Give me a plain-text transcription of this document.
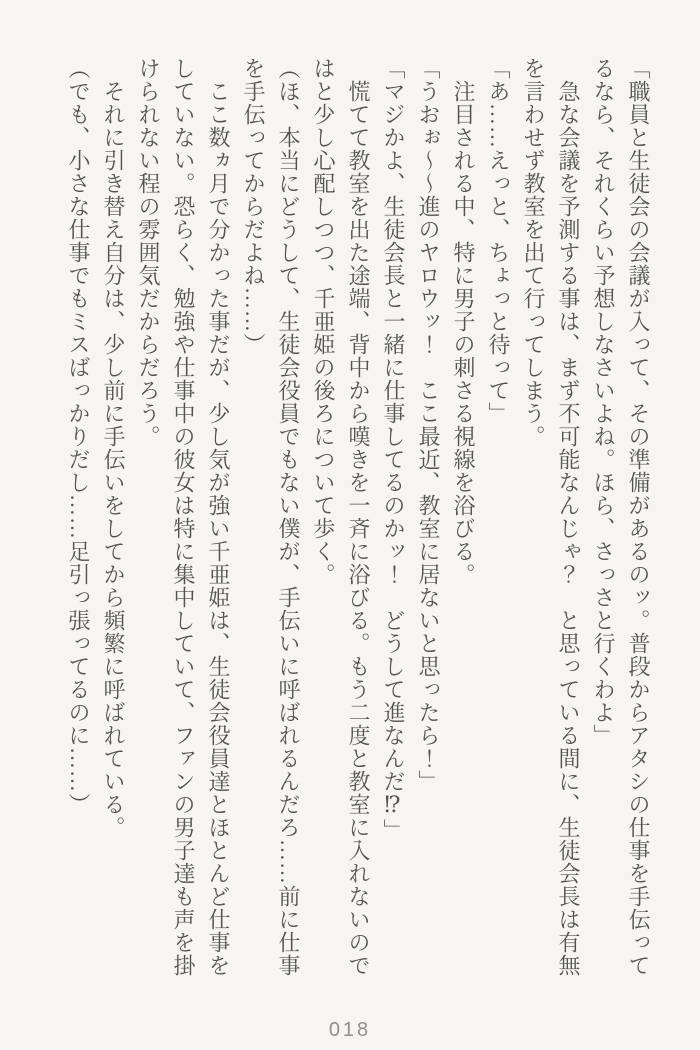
「職員と生徒会の会議が入って、その準備があるのッ。普段からアタシの仕事を手伝ってるなら、それくらい予想しなさいよね。ほら、さっさと行くわよ」

　急な会議を予測する事は、まず不可能なんじゃ？　と思っている間に、生徒会長は有無を言わせず教室を出て行ってしまう。

「あ……えっと、ちょっと待って」

　注目される中、特に男子の刺さる視線を浴びる。

「うおぉ～～進のヤロウッ！　ここ最近、教室に居ないと思ったら！」

「マジかよ、生徒会長と一緒に仕事してるのかッ！　どうして進なんだ⁉」

　慌てて教室を出た途端、背中から嘆きを一斉に浴びる。もう二度と教室に入れないのではと少し心配しつつ、千亜姫の後ろについて歩く。

（ほ、本当にどうして、生徒会役員でもない僕が、手伝いに呼ばれるんだろ……前に仕事を手伝ってからだよね……）

　ここ数ヵ月で分かった事だが、少し気が強い千亜姫は、生徒会役員達とほとんど仕事をしていない。恐らく、勉強や仕事中の彼女は特に集中していて、ファンの男子達も声を掛けられない程の雰囲気だからだろう。

　それに引き替え自分は、少し前に手伝いをしてから頻繁に呼ばれている。

（でも、小さな仕事でもミスばっかりだし……足引っ張ってるのに……）

018
